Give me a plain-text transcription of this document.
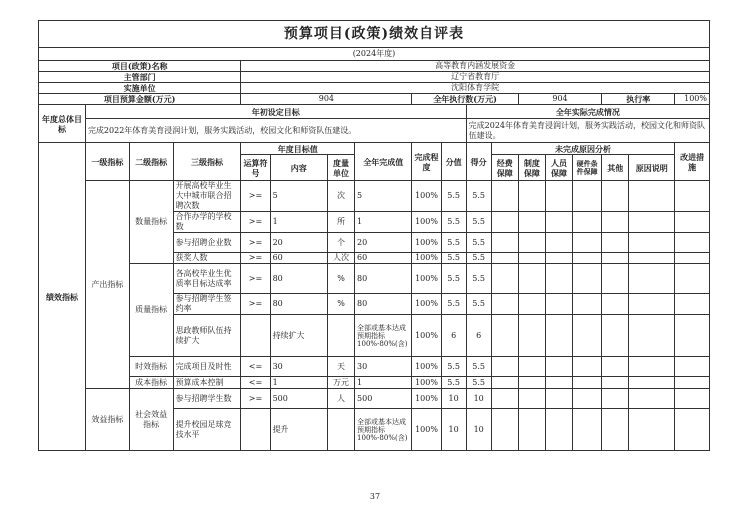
预算项目(政策)绩效自评表																	
(2024年度)																	
项目(政策)名称				高等教育内涵发展资金													
主管部门				辽宁省教育厅													
实施单位				沈阳体育学院													
项目预算金额(万元)				904				全年执行数(万元)				904			执行率		100%
年度总体目标	年初设定目标									全年实际完成情况							
	完成2022年体育美育浸润计划，服务实践活动，校园文化和师资队伍建设。									完成2024年体育美育浸润计划，服务实践活动，校园文化和师资队伍建设。							
绩效指标	一级指标	二级指标	三级指标	年度目标值			全年完成值	完成程度	分值	得分	未完成原因分析						改进措施
				运算符号	内容	度量单位					经费保障	制度保障	人员保障	硬件条件保障	其他	原因说明	
	产出指标	数量指标	开展高校毕业生大中城市联合招聘次数	>=	5	次	5	100%	5.5	5.5							
			合作办学的学校数	>=	1	所	1	100%	5.5	5.5							
			参与招聘企业数	>=	20	个	20	100%	5.5	5.5							
			获奖人数	>=	60	人次	60	100%	5.5	5.5							
		质量指标	各高校毕业生优质率目标达成率	>=	80	%	80	100%	5.5	5.5							
			参与招聘学生签约率	>=	80	%	80	100%	5.5	5.5							
			思政教师队伍持续扩大		持续扩大		全部或基本达成预期指标100%-80%(含)	100%	6	6							
		时效指标	完成项目及时性	<=	30	天	30	100%	5.5	5.5							
		成本指标	预算成本控制	<=	1	万元	1	100%	5.5	5.5							
	效益指标	社会效益指标	参与招聘学生数	>=	500	人	500	100%	10	10							
			提升校园足球竞技水平		提升		全部或基本达成预期指标100%-80%(含)	100%	10	10							
37
